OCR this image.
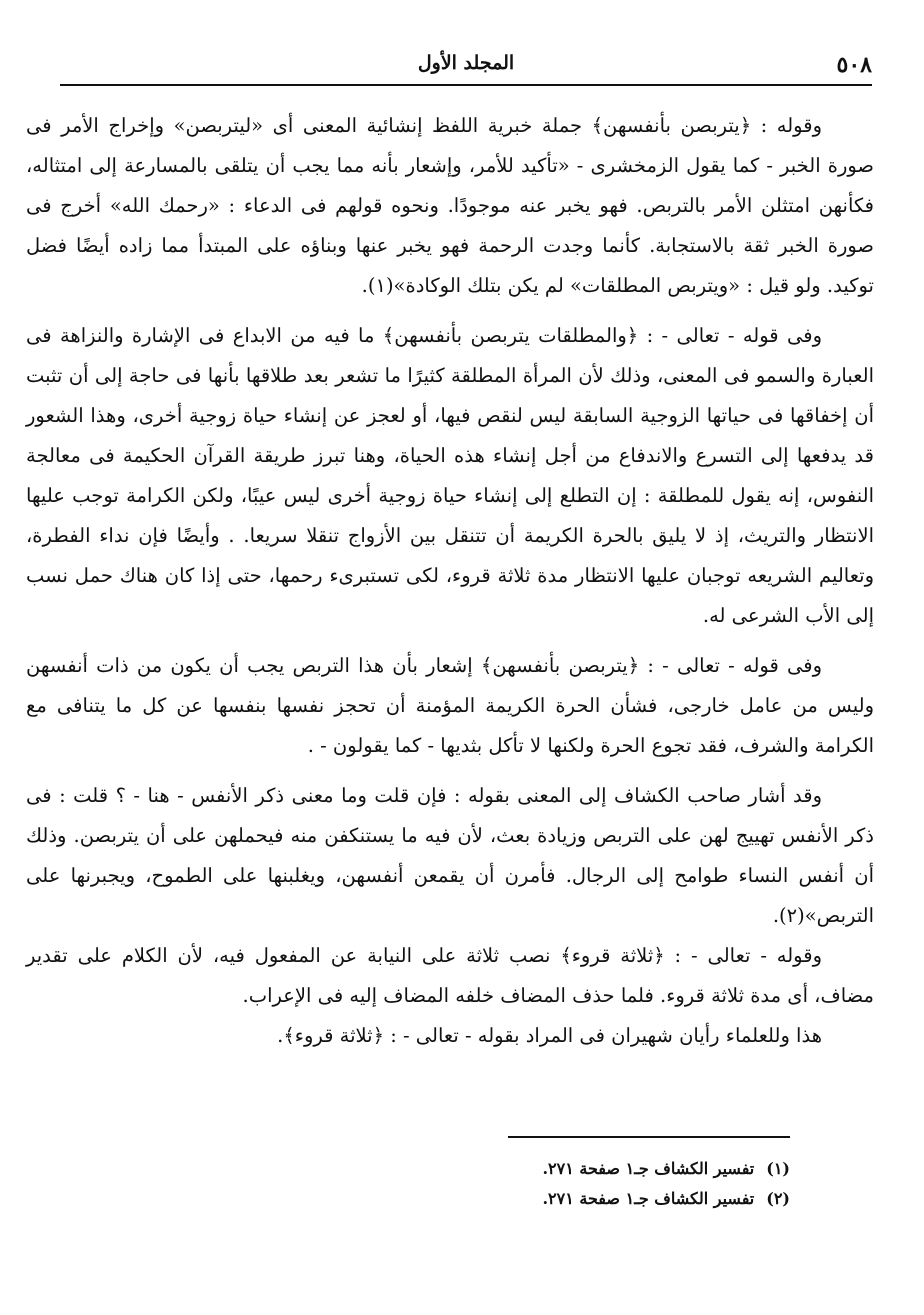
٥٠٨
المجلد الأول

وقوله : ﴿يتربصن بأنفسهن﴾ جملة خبرية اللفظ إنشائية المعنى أى «ليتربصن» وإخراج الأمر فى صورة الخبر - كما يقول الزمخشرى - «تأكيد للأمر، وإشعار بأنه مما يجب أن يتلقى بالمسارعة إلى امتثاله، فكأنهن امتثلن الأمر بالتربص. فهو يخبر عنه موجودًا. ونحوه قولهم فى الدعاء : «رحمك الله» أخرج فى صورة الخبر ثقة بالاستجابة. كأنما وجدت الرحمة فهو يخبر عنها وبناؤه على المبتدأ مما زاده أيضًا فضل توكيد. ولو قيل : «ويتربص المطلقات» لم يكن بتلك الوكادة»(١).

وفى قوله - تعالى - : ﴿والمطلقات يتربصن بأنفسهن﴾ ما فيه من الابداع فى الإشارة والنزاهة فى العبارة والسمو فى المعنى، وذلك لأن المرأة المطلقة كثيرًا ما تشعر بعد طلاقها بأنها فى حاجة إلى أن تثبت أن إخفاقها فى حياتها الزوجية السابقة ليس لنقص فيها، أو لعجز عن إنشاء حياة زوجية أخرى، وهذا الشعور قد يدفعها إلى التسرع والاندفاع من أجل إنشاء هذه الحياة، وهنا تبرز طريقة القرآن الحكيمة فى معالجة النفوس، إنه يقول للمطلقة : إن التطلع إلى إنشاء حياة زوجية أخرى ليس عيبًا، ولكن الكرامة توجب عليها الانتظار والتريث، إذ لا يليق بالحرة الكريمة أن تتنقل بين الأزواج تنقلا سريعا. . وأيضًا فإن نداء الفطرة، وتعاليم الشريعه توجبان عليها الانتظار مدة ثلاثة قروء، لكى تستبرىء رحمها، حتى إذا كان هناك حمل نسب إلى الأب الشرعى له.

وفى قوله - تعالى - : ﴿يتربصن بأنفسهن﴾ إشعار بأن هذا التربص يجب أن يكون من ذات أنفسهن وليس من عامل خارجى، فشأن الحرة الكريمة المؤمنة أن تحجز نفسها بنفسها عن كل ما يتنافى مع الكرامة والشرف، فقد تجوع الحرة ولكنها لا تأكل بثديها - كما يقولون - .

وقد أشار صاحب الكشاف إلى المعنى بقوله : فإن قلت وما معنى ذكر الأنفس - هنا - ؟ قلت : فى ذكر الأنفس تهييج لهن على التربص وزيادة بعث، لأن فيه ما يستنكفن منه فيحملهن على أن يتربصن. وذلك أن أنفس النساء طوامح إلى الرجال. فأمرن أن يقمعن أنفسهن، ويغلبنها على الطموح، ويجبرنها على التربص»(٢).

وقوله - تعالى - : ﴿ثلاثة قروء﴾ نصب ثلاثة على النيابة عن المفعول فيه، لأن الكلام على تقدير مضاف، أى مدة ثلاثة قروء. فلما حذف المضاف خلفه المضاف إليه فى الإعراب.

هذا وللعلماء رأيان شهيران فى المراد بقوله - تعالى - : ﴿ثلاثة قروء﴾.

(١)تفسير الكشاف جـ١ صفحة ٢٧١.

(٢)تفسير الكشاف جـ١ صفحة ٢٧١.
